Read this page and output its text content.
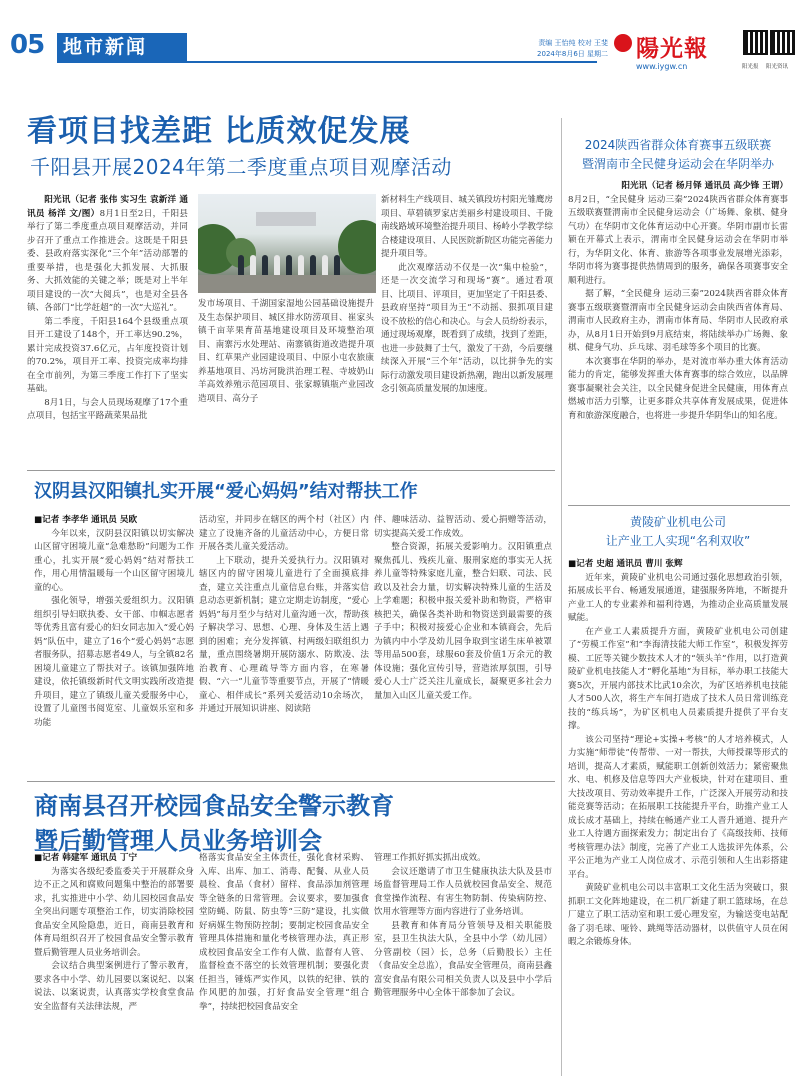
05 地市新闻	责编 王怡纯 校对 王斐
2024年8月6日 星期二 陽光報
www.iygw.cn	阳光报 阳光资讯
看项目找差距 比质效促发展
千阳县开展2024年第二季度重点项目观摩活动

阳光讯（记者 张伟 实习生 袁新洋 通讯员 杨洋 文/图）8月1日至2日，千阳县举行了第二季度重点项目观摩活动，并同步召开了重点工作推进会。这既是千阳县委、县政府落实深化“三个年”活动部署的重要举措，也是强化大抓发展、大抓服务、大抓效能的关键之举；既是对上半年项目建设的一次“大阅兵”，也是对全县各镇、各部门“比学赶超”的一次“大巡礼”。

第二季度，千阳县164个县级重点项目开工建设了148个，开工率达90.2%，累计完成投资37.6亿元，占年度投资计划的70.2%，项目开工率、投资完成率均排在全市前列，为第三季度工作打下了坚实基础。

8月1日，与会人员现场观摩了17个重点项目，包括宝平路蔬菜果品批

发市场项目、千湖国家湿地公园基础设施提升及生态保护项目、城区排水防涝项目、崔家头镇千亩苹果育苗基地建设项目及环境整治项目、南寨污水处理站、南寨镇街道改造提升项目、红草果产业园建设项目、中原小屯农旅康养基地项目、冯坊河陇洪治理工程、寺坡奶山羊高效养殖示范园项目、张家塬镇瓶产业园改造项目、高分子

新材料生产线项目、城关镇段坊村阳光雏鹰房项目、草碧镇罗家店美丽乡村建设项目、千陇南线路域环境整治提升项目、杨岭小学教学综合楼建设项目、人民医院新院区功能完善能力提升项目等。

此次观摩活动不仅是一次“集中检验”，还是一次交流学习和现场“赛”。通过看项目、比项目、评项目，更加坚定了千阳县委、县政府坚持“项目为王”不动摇、狠抓项目建设不放松的信心和决心。与会人员纷纷表示，通过现场观摩，既看到了成绩，找到了差距，也进一步鼓舞了士气，激发了干劲，今后要继续深入开展“三个年”活动，以比拼争先的实际行动激发项目建设新热潮，跑出以新发展理念引领高质量发展的加速度。

汉阴县汉阳镇扎实开展“爱心妈妈”结对帮扶工作

■记者 李孝华 通讯员 吴欧

今年以来，汉阴县汉阳镇以切实解决山区留守困境儿童“急难愁盼”问题为工作重心，扎实开展“爱心妈妈”结对帮扶工作，用心用情温暖每一个山区留守困境儿童的心。

强化领导，增强关爱组织力。汉阳镇组织引导妇联执委、女干部、巾帼志愿者等优秀且富有爱心的妇女同志加入“爱心妈妈”队伍中，建立了16个“爱心妈妈”志愿者服务队，招募志愿者49人，与全镇82名困境儿童建立了帮扶对子。该镇加强阵地建设，依托镇级新时代文明实践所改造提升项目，建立了镇级儿童关爱服务中心，设置了儿童图书阅览室、儿童娱乐室和多功能

活动室，并同步在辖区的两个村（社区）内建立了设施齐备的儿童活动中心，方便日常开展各类儿童关爱活动。

上下联动，提升关爱执行力。汉阳镇对辖区内的留守困境儿童进行了全面摸底排查，建立关注重点儿童信息台账，并落实信息动态更新机制；建立定期走访制度，“爱心妈妈”每月至少与结对儿童沟通一次，帮助孩子解决学习、思想、心理、身体及生活上遇到的困难；充分发挥镇、村两级妇联组织力量，重点围绕暑期开展防溺水、防欺凌、法治教育、心理疏导等方面内容，在寒暑假、“六一”儿童节等重要节点，开展了“情暖童心、相伴成长”系列关爱活动10余场次，并通过开展知识讲座、阅读陪

伴、趣味活动、益智活动、爱心捐赠等活动，切实提高关爱工作成效。

整合资源，拓展关爱影响力。汉阳镇重点聚焦孤儿、残疾儿童、服刑家庭的事实无人抚养儿童等特殊家庭儿童，整合妇联、司法、民政以及社会力量，切实解决特殊儿童的生活及上学难题；积极申报关爱补助和物资，严格审核把关，确保各类补助和物资送到最需要的孩子手中；积极对接爱心企业和本镇商会，先后为镇内中小学及幼儿园争取到宝诺生床单被罩等用品500套，球服60套及价值1万余元的教体设施；强化宣传引导，营造浓厚氛围，引导爱心人士广泛关注儿童成长，凝聚更多社会力量加入山区儿童关爱工作。

商南县召开校园食品安全警示教育
暨后勤管理人员业务培训会

■记者 韩建军 通讯员 丁宁

为落实各级纪委监委关于开展群众身边不正之风和腐败问题集中整治的部署要求，扎实推进中小学、幼儿园校园食品安全突出问题专项整治工作，切实消除校园食品安全风险隐患，近日，商南县教育和体育局组织召开了校园食品安全警示教育暨后勤管理人员业务培训会。

会议结合典型案例进行了警示教育，要求各中小学、幼儿园要以案说纪、以案说法、以案说责，认真落实学校食堂食品安全监督有关法律法规，严

格落实食品安全主体责任，强化食材采购、入库、出库、加工、消毒、配餐、从业人员晨检、食品（食材）留样、食品添加剂管理等全链条的日常管理。会议要求，要加强食堂防蝇、防鼠、防虫等“三防”建设，扎实做好病媒生物预防控制；要制定校园食品安全管理具体措施和量化考核管理办法，真正形成校园食品安全工作有人做、监督有人管、监督检查不落空的长效管理机制；要强化责任担当，锤炼严实作风，以铁的纪律、铁的作风肥的加强，打好食品安全管理“组合拳”，持续把校园食品安全

管理工作抓好抓实抓出成效。

会议还邀请了市卫生健康执法大队及县市场监督管理局工作人员就校园食品安全、规范食堂操作流程、有害生物防制、传染病防控、饮用水管理等方面内容进行了业务培训。

县教育和体育局分管领导及相关职能股室，县卫生执法大队，全县中小学（幼儿园）分管副校（园）长，总务（后勤股长）主任（食品安全总监），食品安全管理员，商南县鑫富安食品有限公司相关负责人以及县中小学后勤管理服务中心全体干部参加了会议。

2024陕西省群众体育赛事五级联赛
暨渭南市全民健身运动会在华阴举办

阳光讯（记者 杨月铎 通讯员 高少锋 王谓）

8月2日，“全民健身 运动三秦”2024陕西省群众体育赛事五级联赛暨渭南市全民健身运动会（广场舞、象棋、健身气功）在华阴市文化体育运动中心开赛。华阴市副市长雷颖在开幕式上表示，渭南市全民健身运动会在华阴市举行，为华阴文化、体育、旅游等各项事业发展增光添彩，华阴市将为赛事提供热情周到的服务，确保各项赛事安全顺利进行。

据了解，“全民健身 运动三秦”2024陕西省群众体育赛事五级联赛暨渭南市全民健身运动会由陕西省体育局、渭南市人民政府主办，渭南市体育局、华阴市人民政府承办，从8月1日开始到9月底结束，将陆续举办广场舞、象棋、健身气功、乒乓球、羽毛球等多个项目的比赛。

本次赛事在华阴的举办，是对流市举办重大体育活动能力的肯定，能够发挥重大体育赛事的综合效应，以品牌赛事凝聚社会关注，以全民健身促进全民健康，用体育点燃城市活力引擎，让更多群众共享体育发展成果，促进体育和旅游深度融合，也将进一步提升华阴华山的知名度。

黄陵矿业机电公司
让产业工人实现“名利双收”

■记者 史超 通讯员 曹川 张辉

近年来，黄陵矿业机电公司通过强化思想政治引领，拓展成长平台、畅通发展通道，建强服务阵地，不断提升产业工人的专业素养和福利待遇，为推动企业高质量发展赋能。

在产业工人素质提升方面，黄陵矿业机电公司创建了“劳模工作室”和“李海清技能大师工作室”，积极发挥劳模、工匠等关键少数技术人才的“领头羊”作用，以打造黄陵矿业机电技能人才“孵化基地”为目标，举办职工技能大赛5次，开展内部技术比武10余次，为矿区培养机电技能人才500人次，将生产车间打造成了技术人员日常训练竞技的“练兵场”，为矿区机电人员素质提升提供了平台支撑。

该公司坚持“理论+实操+考核”的人才培养模式，人力实施“师带徒”传帮带、一对一帮扶，大师授课等形式的培训，提高人才素质，赋能职工创新创效活力；紧密聚焦水、电、机修及信息等四大产业板块，针对在建项目、重大技改项目、劳动效率提升工作，广泛深入开展劳动和技能竞赛等活动；在拓展职工技能提升平台，助推产业工人成长成才基础上，持续在畅通产业工人晋升通道、提升产业工人待遇方面探索发力；制定出台了《高级技师、技师考核管理办法》制度，完善了产业工人选拔评先体系，公平公正地为产业工人岗位成才、示范引领和人生出彩搭建平台。

黄陵矿业机电公司以丰富职工文化生活为突破口，狠抓职工文化阵地建设，在二机厂新建了职工篮球场，在总厂建立了职工活动室和职工爱心理发室，为输送变电站配备了羽毛球、哑铃、跳绳等活动器材，以供值守人员在闲暇之余锻炼身体。
